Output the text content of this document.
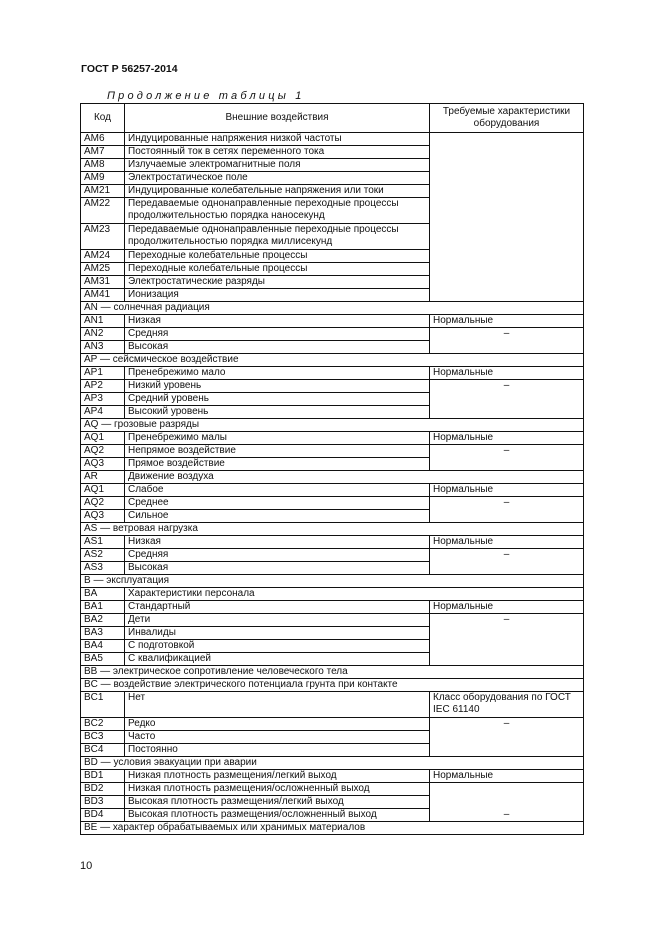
ГОСТ Р 56257-2014
Продолжение таблицы 1
Код	Внешние воздействия	Требуемые характеристики оборудования
AM6	Индуцированные напряжения низкой частоты	
AM7	Постоянный ток в сетях переменного тока	
AM8	Излучаемые электромагнитные поля	
AM9	Электростатическое поле	
AM21	Индуцированные колебательные напряжения или токи	
AM22	Передаваемые однонаправленные переходные процессы продолжительностью порядка наносекунд	
AM23	Передаваемые однонаправленные переходные процессы продолжительностью порядка миллисекунд	
AM24	Переходные колебательные процессы	
AM25	Переходные колебательные процессы	
AM31	Электростатические разряды	
AM41	Ионизация	
AN — солнечная радиация		
AN1	Низкая	Нормальные
AN2	Средняя	–
AN3	Высокая	
AP — сейсмическое воздействие		
AP1	Пренебрежимо мало	Нормальные
AP2	Низкий уровень	–
AP3	Средний уровень	
AP4	Высокий уровень	
AQ — грозовые разряды		
AQ1	Пренебрежимо малы	Нормальные
AQ2	Непрямое воздействие	–
AQ3	Прямое воздействие	
AR	Движение воздуха	
AQ1	Слабое	Нормальные
AQ2	Среднее	–
AQ3	Сильное	
AS — ветровая нагрузка		
AS1	Низкая	Нормальные
AS2	Средняя	–
AS3	Высокая	
B — эксплуатация		
BA	Характеристики персонала	
BA1	Стандартный	Нормальные
BA2	Дети	–
BA3	Инвалиды	
BA4	С подготовкой	
BA5	С квалификацией	
BB — электрическое сопротивление человеческого тела		
BC — воздействие электрического потенциала грунта при контакте		
BC1	Нет	Класс оборудования по ГОСТ IEC 61140
BC2	Редко	–
BC3	Часто	
BC4	Постоянно	
BD — условия эвакуации при аварии		
BD1	Низкая плотность размещения/легкий выход	Нормальные
BD2	Низкая плотность размещения/осложненный выход	–
BD3	Высокая плотность размещения/легкий выход	
BD4	Высокая плотность размещения/осложненный выход	
BE — характер обрабатываемых или хранимых материалов		
10
